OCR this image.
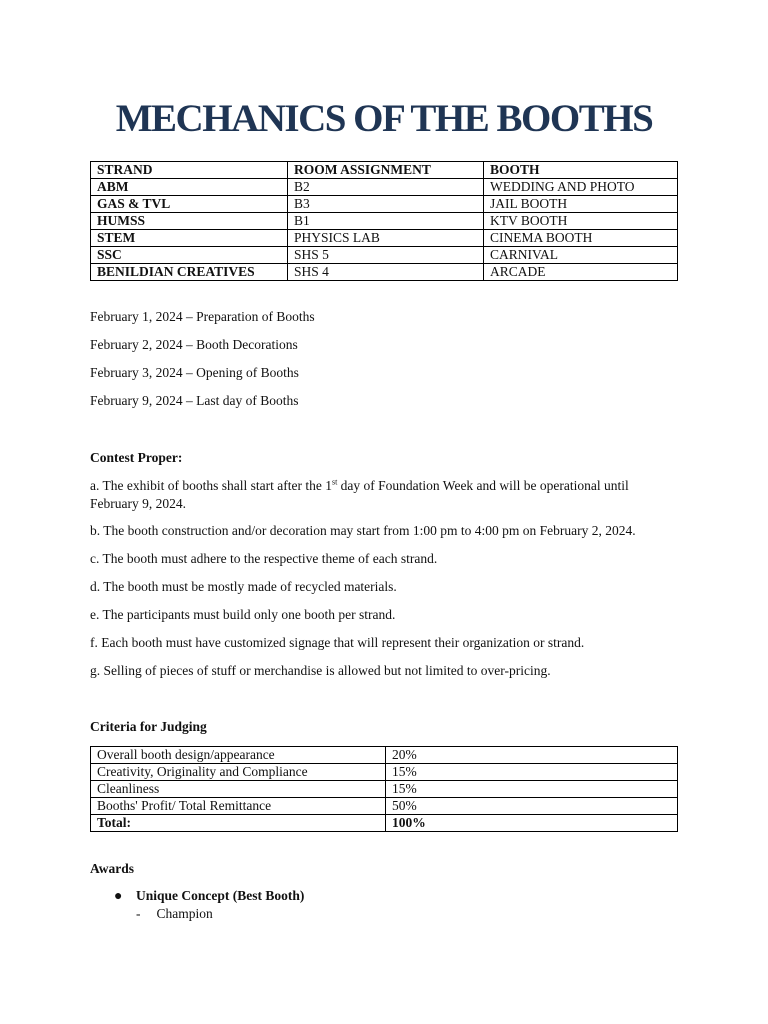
MECHANICS OF THE BOOTHS
STRAND	ROOM ASSIGNMENT	BOOTH
ABM	B2	WEDDING AND PHOTO
GAS & TVL	B3	JAIL BOOTH
HUMSS	B1	KTV BOOTH
STEM	PHYSICS LAB	CINEMA BOOTH
SSC	SHS 5	CARNIVAL
BENILDIAN CREATIVES	SHS 4	ARCADE

February 1, 2024 – Preparation of Booths

February 2, 2024 – Booth Decorations

February 3, 2024 – Opening of Booths

February 9, 2024 – Last day of Booths

Contest Proper:

a. The exhibit of booths shall start after the 1st day of Foundation Week and will be operational until February 9, 2024.

b. The booth construction and/or decoration may start from 1:00 pm to 4:00 pm on February 2, 2024.

c. The booth must adhere to the respective theme of each strand.

d. The booth must be mostly made of recycled materials.

e. The participants must build only one booth per strand.

f. Each booth must have customized signage that will represent their organization or strand.

g. Selling of pieces of stuff or merchandise is allowed but not limited to over-pricing.

Criteria for Judging

Overall booth design/appearance	20%
Creativity, Originality and Compliance	15%
Cleanliness	15%
Booths' Profit/ Total Remittance	50%
Total:	100%

Awards

● Unique Concept (Best Booth)
- Champion
